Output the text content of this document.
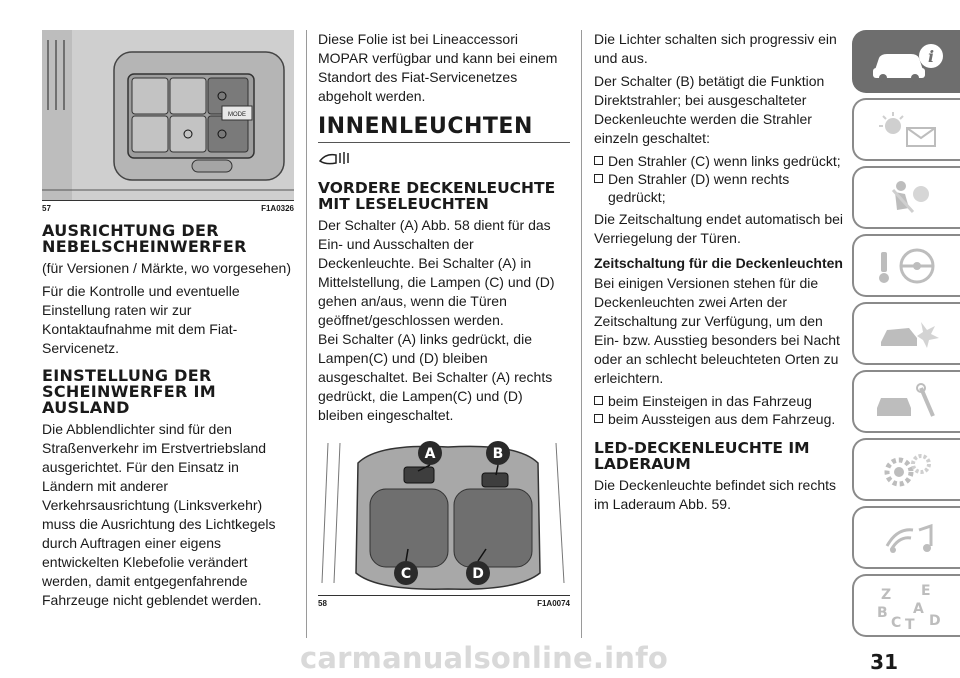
MODE
57	F1A0326
AUSRICHTUNG DER NEBELSCHEINWERFER

(für Versionen / Märkte, wo vorgesehen)

Für die Kontrolle und eventuelle Einstellung raten wir zur Kontaktaufnahme mit dem Fiat-Servicenetz.

EINSTELLUNG DER SCHEINWERFER IM AUSLAND

Die Abblendlichter sind für den Straßenverkehr im Erstvertriebsland ausgerichtet. Für den Einsatz in Ländern mit anderer Verkehrsausrichtung (Linksverkehr) muss die Ausrichtung des Lichtkegels durch Auftragen einer eigens entwickelten Klebefolie verändert werden, damit entgegenfahrende Fahrzeuge nicht geblendet werden.

Diese Folie ist bei Lineaccessori MOPAR verfügbar und kann bei einem Standort des Fiat-Servicenetzes abgeholt werden.

INNENLEUCHTEN
VORDERE DECKENLEUCHTE MIT LESELEUCHTEN

Der Schalter (A) Abb. 58 dient für das Ein- und Ausschalten der Deckenleuchte. Bei Schalter (A) in Mittelstellung, die Lampen (C) und (D) gehen an/aus, wenn die Türen geöffnet/geschlossen werden.

Bei Schalter (A) links gedrückt, die Lampen(C) und (D) bleiben ausgeschaltet. Bei Schalter (A) rechts gedrückt, die Lampen(C) und (D) bleiben eingeschaltet.

A	B
C	D
58	F1A0074

Die Lichter schalten sich progressiv ein und aus.

Der Schalter (B) betätigt die Funktion Direktstrahler; bei ausgeschalteter Deckenleuchte werden die Strahler einzeln geschaltet:

Den Strahler (C) wenn links gedrückt;
Den Strahler (D) wenn rechts gedrückt;

Die Zeitschaltung endet automatisch bei Verriegelung der Türen.

Zeitschaltung für die Deckenleuchten

Bei einigen Versionen stehen für die Deckenleuchten zwei Arten der Zeitschaltung zur Verfügung, um den Ein- bzw. Ausstieg besonders bei Nacht oder an schlecht beleuchteten Orten zu erleichtern.

beim Einsteigen in das Fahrzeug
beim Aussteigen aus dem Fahrzeug.
LED-DECKENLEUCHTE IM LADERAUM

Die Deckenleuchte befindet sich rechts im Laderaum Abb. 59.

i
Z E
B A
C T D
31
carmanualsonline.info
